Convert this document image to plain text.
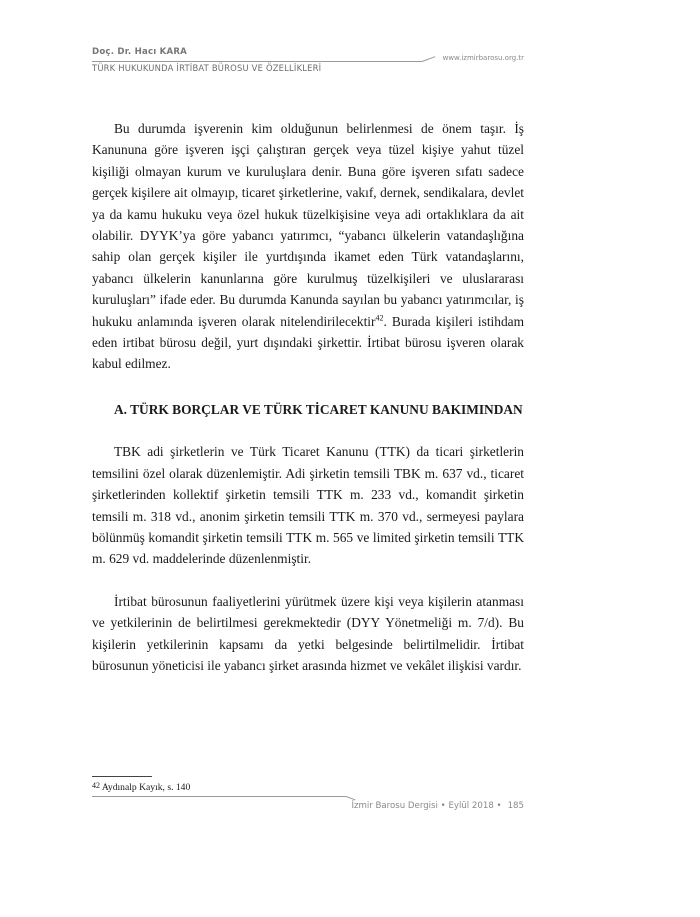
Doç. Dr. Hacı KARA
www.izmirbarosu.org.tr
TÜRK HUKUKUNDA İRTİBAT BÜROSU VE ÖZELLİKLERİ

Bu durumda işverenin kim olduğunun belirlenmesi de önem taşır. İş Kanununa göre işveren işçi çalıştıran gerçek veya tüzel kişiye yahut tüzel kişiliği olmayan kurum ve kuruluşlara denir. Buna göre işveren sıfatı sadece gerçek kişilere ait olmayıp, ticaret şirketlerine, vakıf, dernek, sendikalara, devlet ya da kamu hukuku veya özel hukuk tüzelkişisine veya adi ortaklıklara da ait olabilir. DYYK’ya göre yabancı yatırımcı, “yabancı ülkelerin vatandaşlığına sahip olan gerçek kişiler ile yurtdışında ikamet eden Türk vatandaşlarını, yabancı ülkelerin kanunlarına göre kurulmuş tüzelkişileri ve uluslararası kuruluşları” ifade eder. Bu durumda Kanunda sayılan bu yabancı yatırımcılar, iş hukuku anlamında işveren olarak nitelendirilecektir$^{42}$. Burada kişileri istihdam eden irtibat bürosu değil, yurt dışındaki şirkettir. İrtibat bürosu işveren olarak kabul edilmez.

A. TÜRK BORÇLAR VE TÜRK TİCARET KANUNU BAKIMINDAN

TBK adi şirketlerin ve Türk Ticaret Kanunu (TTK) da ticari şirketlerin temsilini özel olarak düzenlemiştir. Adi şirketin temsili TBK m. 637 vd., ticaret şirketlerinden kollektif şirketin temsili TTK m. 233 vd., komandit şirketin temsili m. 318 vd., anonim şirketin temsili TTK m. 370 vd., sermeyesi paylara bölünmüş komandit şirketin temsili TTK m. 565 ve limited şirketin temsili TTK m. 629 vd. maddelerinde düzenlenmiştir.

İrtibat bürosunun faaliyetlerini yürütmek üzere kişi veya kişilerin atanması ve yetkilerinin de belirtilmesi gerekmektedir (DYY Yönetmeliği m. 7/d). Bu kişilerin yetkilerinin kapsamı da yetki belgesinde belirtilmelidir. İrtibat bürosunun yöneticisi ile yabancı şirket arasında hizmet ve vekâlet ilişkisi vardır.

$^{42}$ Aydınalp Kayık, s. 140
İzmir Barosu Dergisi • Eylül 2018 • 185
